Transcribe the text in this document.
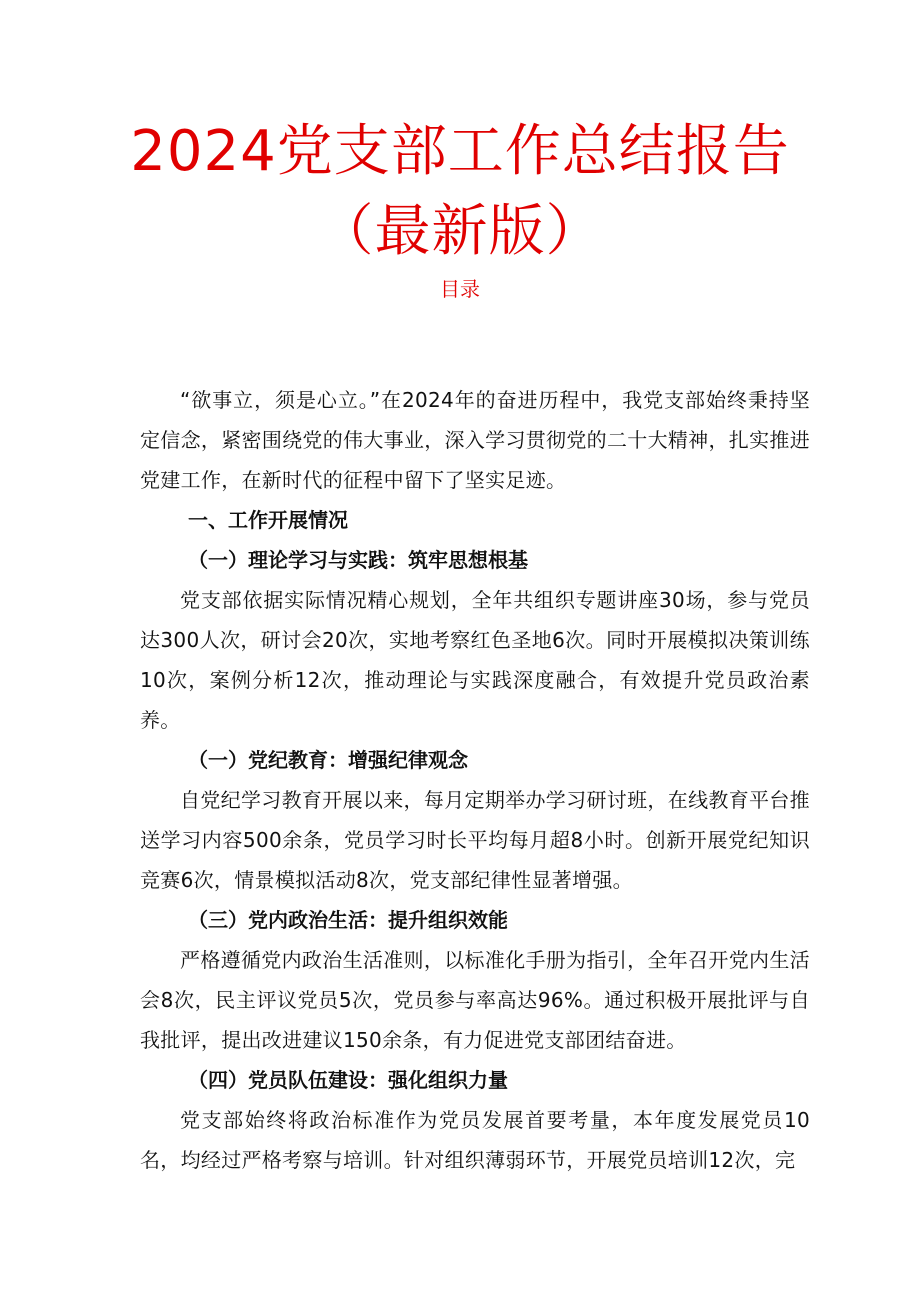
2024党支部工作总结报告
（最新版）
目录

“欲事立，须是心立。”在2024年的奋进历程中，我党支部始终秉持坚定信念，紧密围绕党的伟大事业，深入学习贯彻党的二十大精神，扎实推进党建工作，在新时代的征程中留下了坚实足迹。

一、工作开展情况

（一）理论学习与实践：筑牢思想根基

党支部依据实际情况精心规划，全年共组织专题讲座30场，参与党员达300人次，研讨会20次，实地考察红色圣地6次。同时开展模拟决策训练10次，案例分析12次，推动理论与实践深度融合，有效提升党员政治素养。

（一）党纪教育：增强纪律观念

自党纪学习教育开展以来，每月定期举办学习研讨班，在线教育平台推送学习内容500余条，党员学习时长平均每月超8小时。创新开展党纪知识竞赛6次，情景模拟活动8次，党支部纪律性显著增强。

（三）党内政治生活：提升组织效能

严格遵循党内政治生活准则，以标准化手册为指引，全年召开党内生活会8次，民主评议党员5次，党员参与率高达96%。通过积极开展批评与自我批评，提出改进建议150余条，有力促进党支部团结奋进。

（四）党员队伍建设：强化组织力量

党支部始终将政治标准作为党员发展首要考量，本年度发展党员10名，均经过严格考察与培训。针对组织薄弱环节，开展党员培训12次，完
